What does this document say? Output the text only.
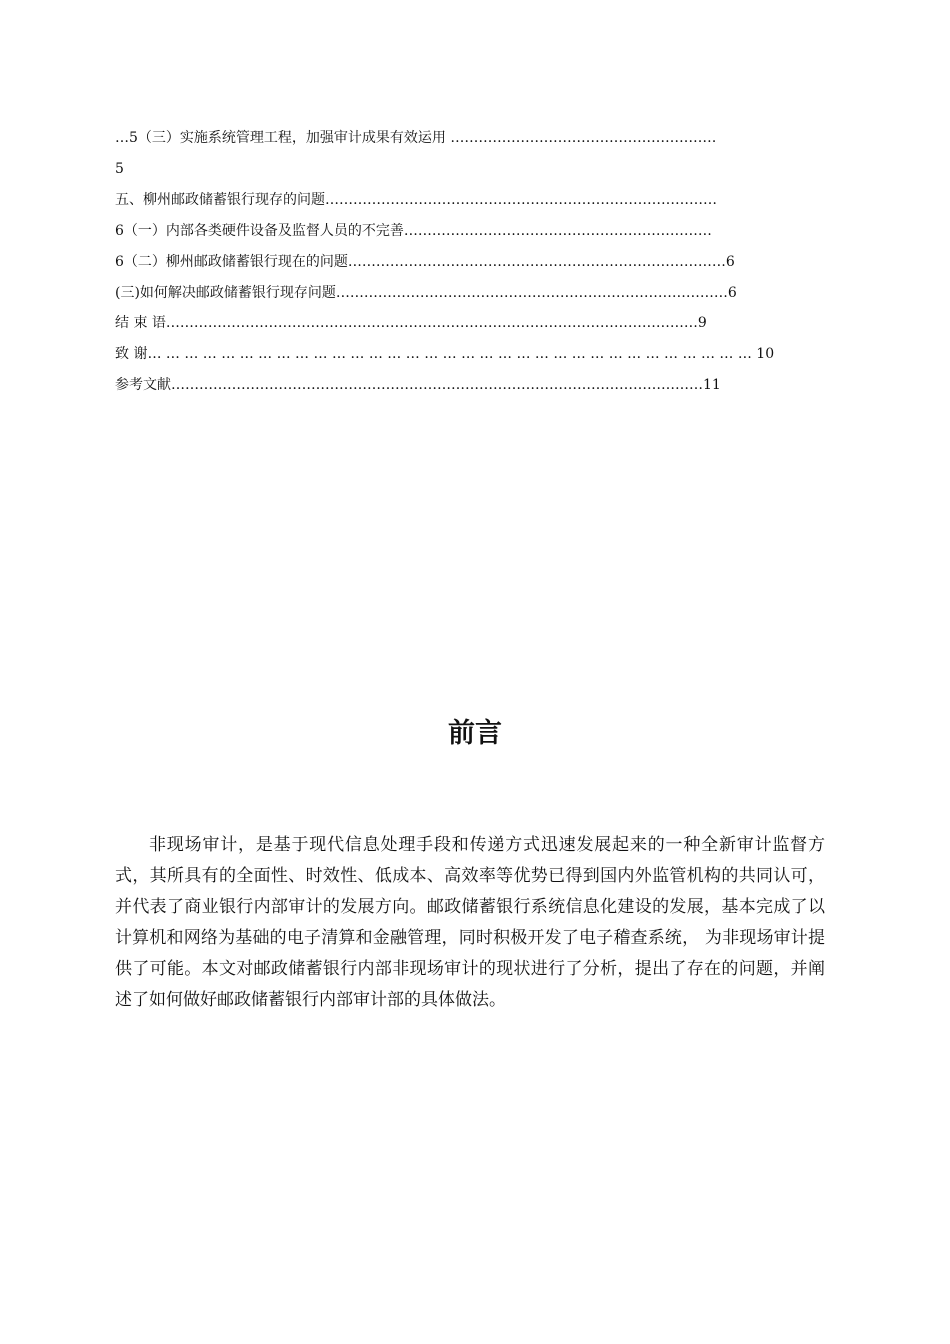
…5（三）实施系统管理工程，加强审计成果有效运用 …………………………………………………
5
五、柳州邮政储蓄银行现存的问题…………………………………………………………………………
6（一）内部各类硬件设备及监督人员的不完善…………………………………………………………
6（二）柳州邮政储蓄银行现在的问题………………………………………………………………………6
(三)如何解决邮政储蓄银行现存问题…………………………………………………………………………6
结 束 语……………………………………………………………………………………………………9
致 谢… … … … … … … … … … … … … … … … … … … … … … … … … … … … … … … … … 10
参考文献……………………………………………………………………………………………………11
前言

非现场审计，是基于现代信息处理手段和传递方式迅速发展起来的一种全新审计监督方式，其所具有的全面性、时效性、低成本、高效率等优势已得到国内外监管机构的共同认可，并代表了商业银行内部审计的发展方向。邮政储蓄银行系统信息化建设的发展，基本完成了以计算机和网络为基础的电子清算和金融管理，同时积极开发了电子稽查系统， 为非现场审计提供了可能。本文对邮政储蓄银行内部非现场审计的现状进行了分析，提出了存在的问题，并阐述了如何做好邮政储蓄银行内部审计部的具体做法。
